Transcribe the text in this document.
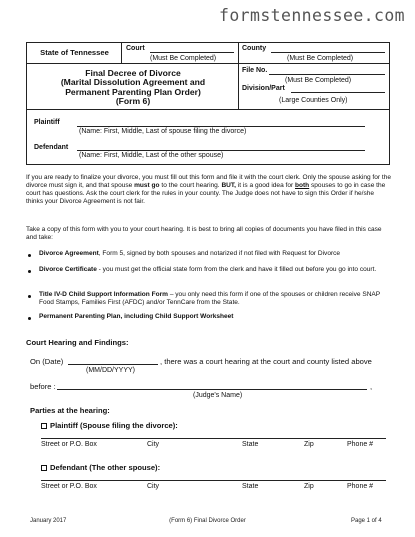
formstennessee.com
State of Tennessee	Court
(Must Be Completed)
County
(Must Be Completed)
Final Decree of Divorce
(Marital Dissolution Agreement and
Permanent Parenting Plan Order)
(Form 6)
File No.
(Must Be Completed)
Division/Part
(Large Counties Only)
Plaintiff
(Name: First, Middle, Last of spouse filing the divorce)
Defendant
(Name: First, Middle, Last of the other spouse)
If you are ready to finalize your divorce, you must fill out this form and file it with the court clerk. Only the spouse asking for the divorce must sign it, and that spouse must go to the court hearing. BUT, it is a good idea for both spouses to go in case the court has questions. Ask the court clerk for the rules in your county. The Judge does not have to sign this Order if he/she thinks your Divorce Agreement is not fair.
Take a copy of this form with you to your court hearing. It is best to bring all copies of documents you have filed in this case and take:
Divorce Agreement, Form 5, signed by both spouses and notarized if not filed with Request for Divorce
Divorce Certificate - you must get the official state form from the clerk and have it filled out before you go into court.
Title IV-D Child Support Information Form – you only need this form if one of the spouses or children receive SNAP Food Stamps, Families First (AFDC) and/or TennCare from the State.
Permanent Parenting Plan, including Child Support Worksheet
Court Hearing and Findings:
On (Date)	, there was a court hearing at the court and county listed above
(MM/DD/YYYY)
before :	,
(Judge's Name)
Parties at the hearing:
Plaintiff (Spouse filing the divorce):
Street or P.O. Box	City	State	Zip	Phone #
Defendant (The other spouse):
Street or P.O. Box	City	State	Zip	Phone #
January 2017	(Form 6) Final Divorce Order	Page 1 of 4
